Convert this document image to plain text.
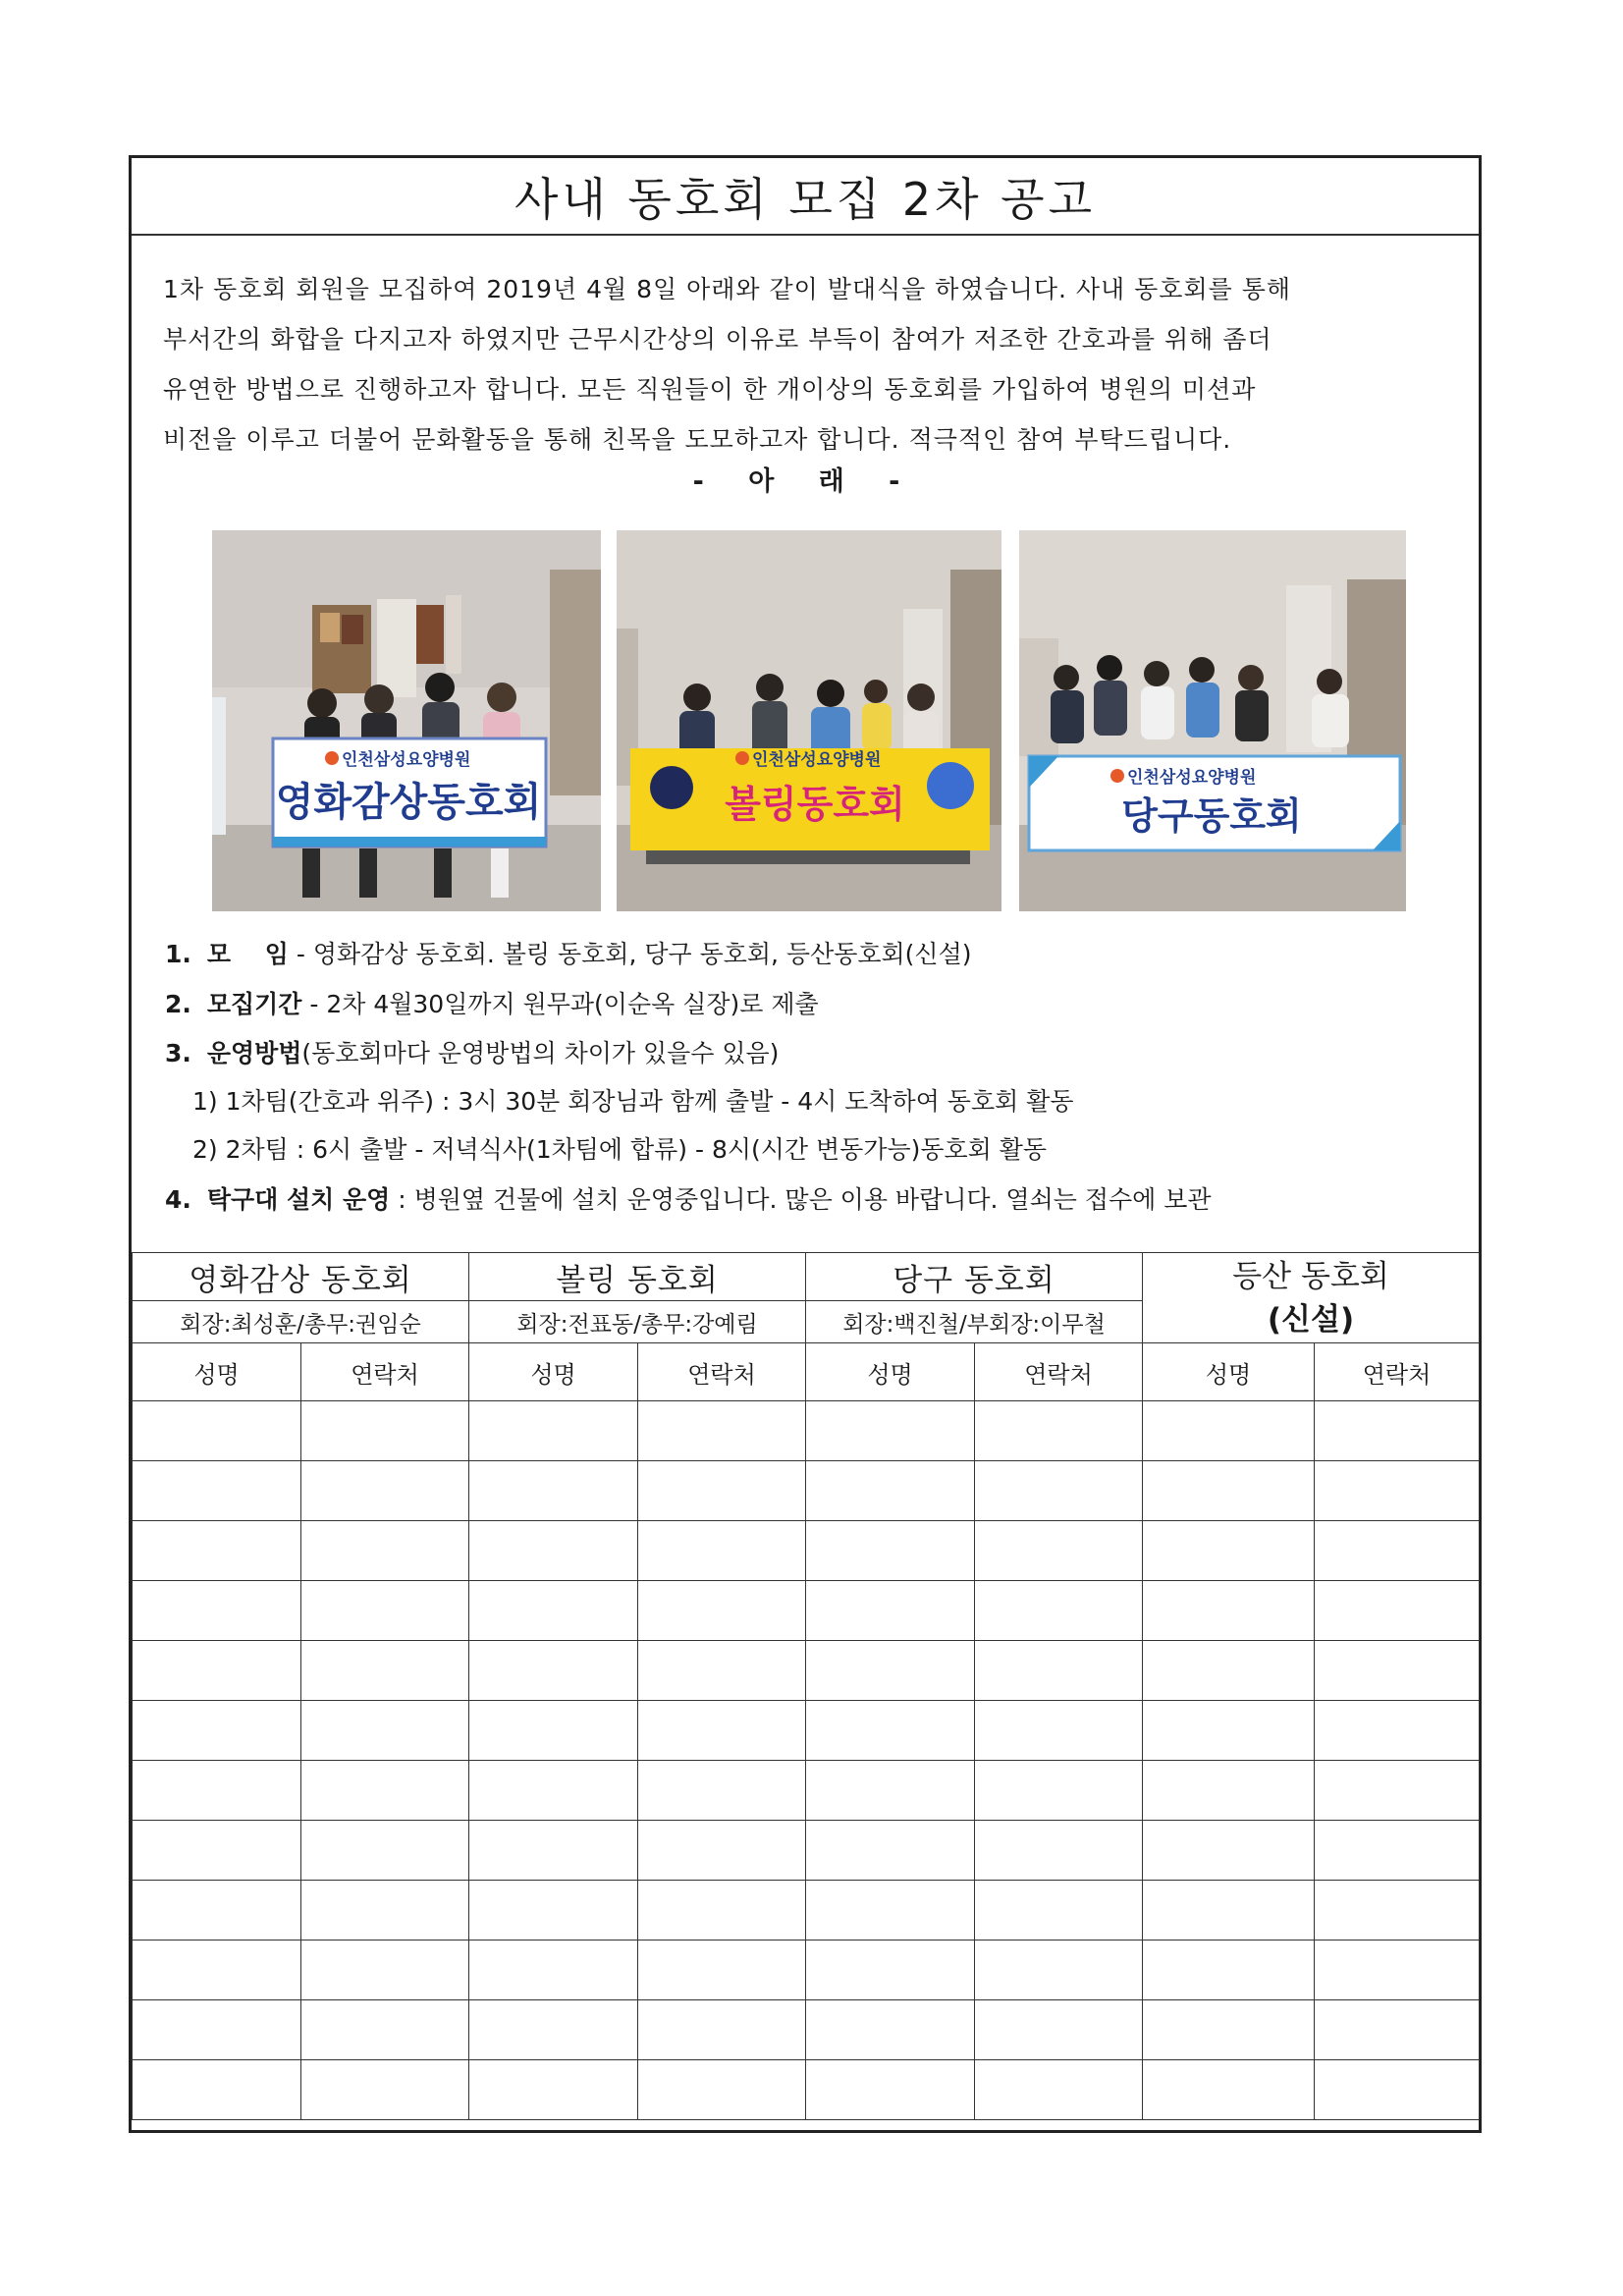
사내 동호회 모집 2차 공고
1차 동호회 회원을 모집하여 2019년 4월 8일 아래와 같이 발대식을 하였습니다. 사내 동호회를 통해
부서간의 화합을 다지고자 하였지만 근무시간상의 이유로 부득이 참여가 저조한 간호과를 위해 좀더
유연한 방법으로 진행하고자 합니다. 모든 직원들이 한 개이상의 동호회를 가입하여 병원의 미션과
비전을 이루고 더불어 문화활동을 통해 친목을 도모하고자 합니다. 적극적인 참여 부탁드립니다.
- 아 래 -
인천삼성요양병원
영화감상동호회
인천삼성요양병원
볼링동호회
인천삼성요양병원
당구동호회
1. 모    임 - 영화감상 동호회. 볼링 동호회, 당구 동호회, 등산동호회(신설)
2. 모집기간 - 2차 4월30일까지 원무과(이순옥 실장)로 제출
3. 운영방법(동호회마다 운영방법의 차이가 있을수 있음)
1) 1차팀(간호과 위주) : 3시 30분 회장님과 함께 출발 - 4시 도착하여 동호회 활동
2) 2차팀 : 6시 출발 - 저녁식사(1차팀에 합류) - 8시(시간 변동가능)동호회 활동
4. 탁구대 설치 운영 : 병원옆 건물에 설치 운영중입니다. 많은 이용 바랍니다. 열쇠는 접수에 보관
영화감상 동호회		볼링 동호회		당구 동호회		등산 동호회
(신설)	

회장:최성훈/총무:권임순		회장:전표동/총무:강예림		회장:백진철/부회장:이무철			
성명	연락처	성명	연락처	성명	연락처	성명	연락처
